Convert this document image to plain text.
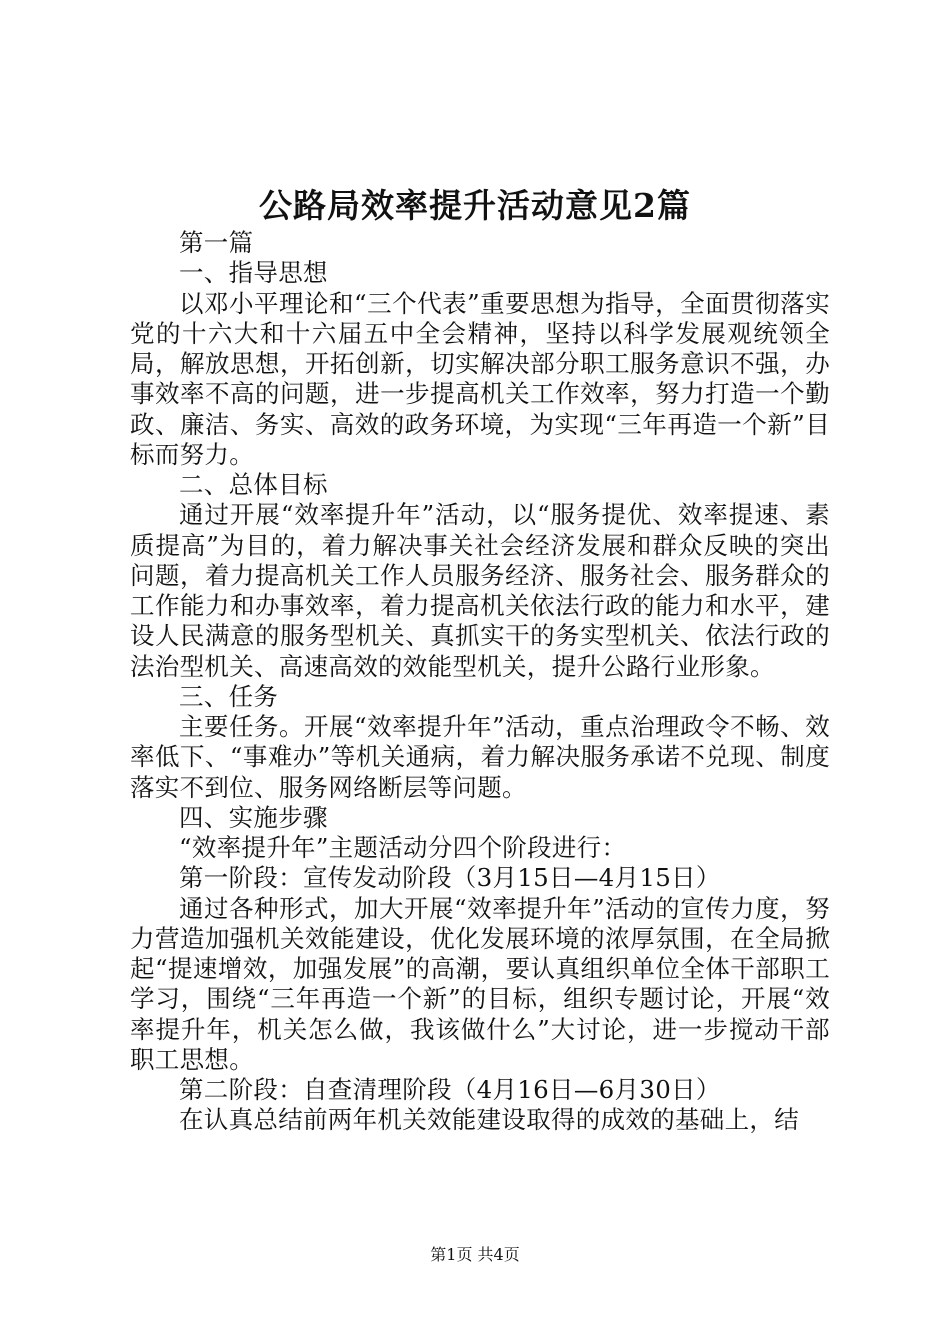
公路局效率提升活动意见2篇

第一篇

一、指导思想

以邓小平理论和“三个代表”重要思想为指导，全面贯彻落实党的十六大和十六届五中全会精神，坚持以科学发展观统领全局，解放思想，开拓创新，切实解决部分职工服务意识不强，办事效率不高的问题，进一步提高机关工作效率，努力打造一个勤政、廉洁、务实、高效的政务环境，为实现“三年再造一个新”目标而努力。

二、总体目标

通过开展“效率提升年”活动，以“服务提优、效率提速、素质提高”为目的，着力解决事关社会经济发展和群众反映的突出问题，着力提高机关工作人员服务经济、服务社会、服务群众的工作能力和办事效率，着力提高机关依法行政的能力和水平，建设人民满意的服务型机关、真抓实干的务实型机关、依法行政的法治型机关、高速高效的效能型机关，提升公路行业形象。

三、任务

主要任务。开展“效率提升年”活动，重点治理政令不畅、效率低下、“事难办”等机关通病，着力解决服务承诺不兑现、制度落实不到位、服务网络断层等问题。

四、实施步骤

“效率提升年”主题活动分四个阶段进行：

第一阶段：宣传发动阶段（3月15日—4月15日）

通过各种形式，加大开展“效率提升年”活动的宣传力度，努力营造加强机关效能建设，优化发展环境的浓厚氛围，在全局掀起“提速增效，加强发展”的高潮，要认真组织单位全体干部职工学习，围绕“三年再造一个新”的目标，组织专题讨论，开展“效率提升年，机关怎么做，我该做什么”大讨论，进一步搅动干部职工思想。

第二阶段：自查清理阶段（4月16日—6月30日）

在认真总结前两年机关效能建设取得的成效的基础上，结

第1页 共4页
